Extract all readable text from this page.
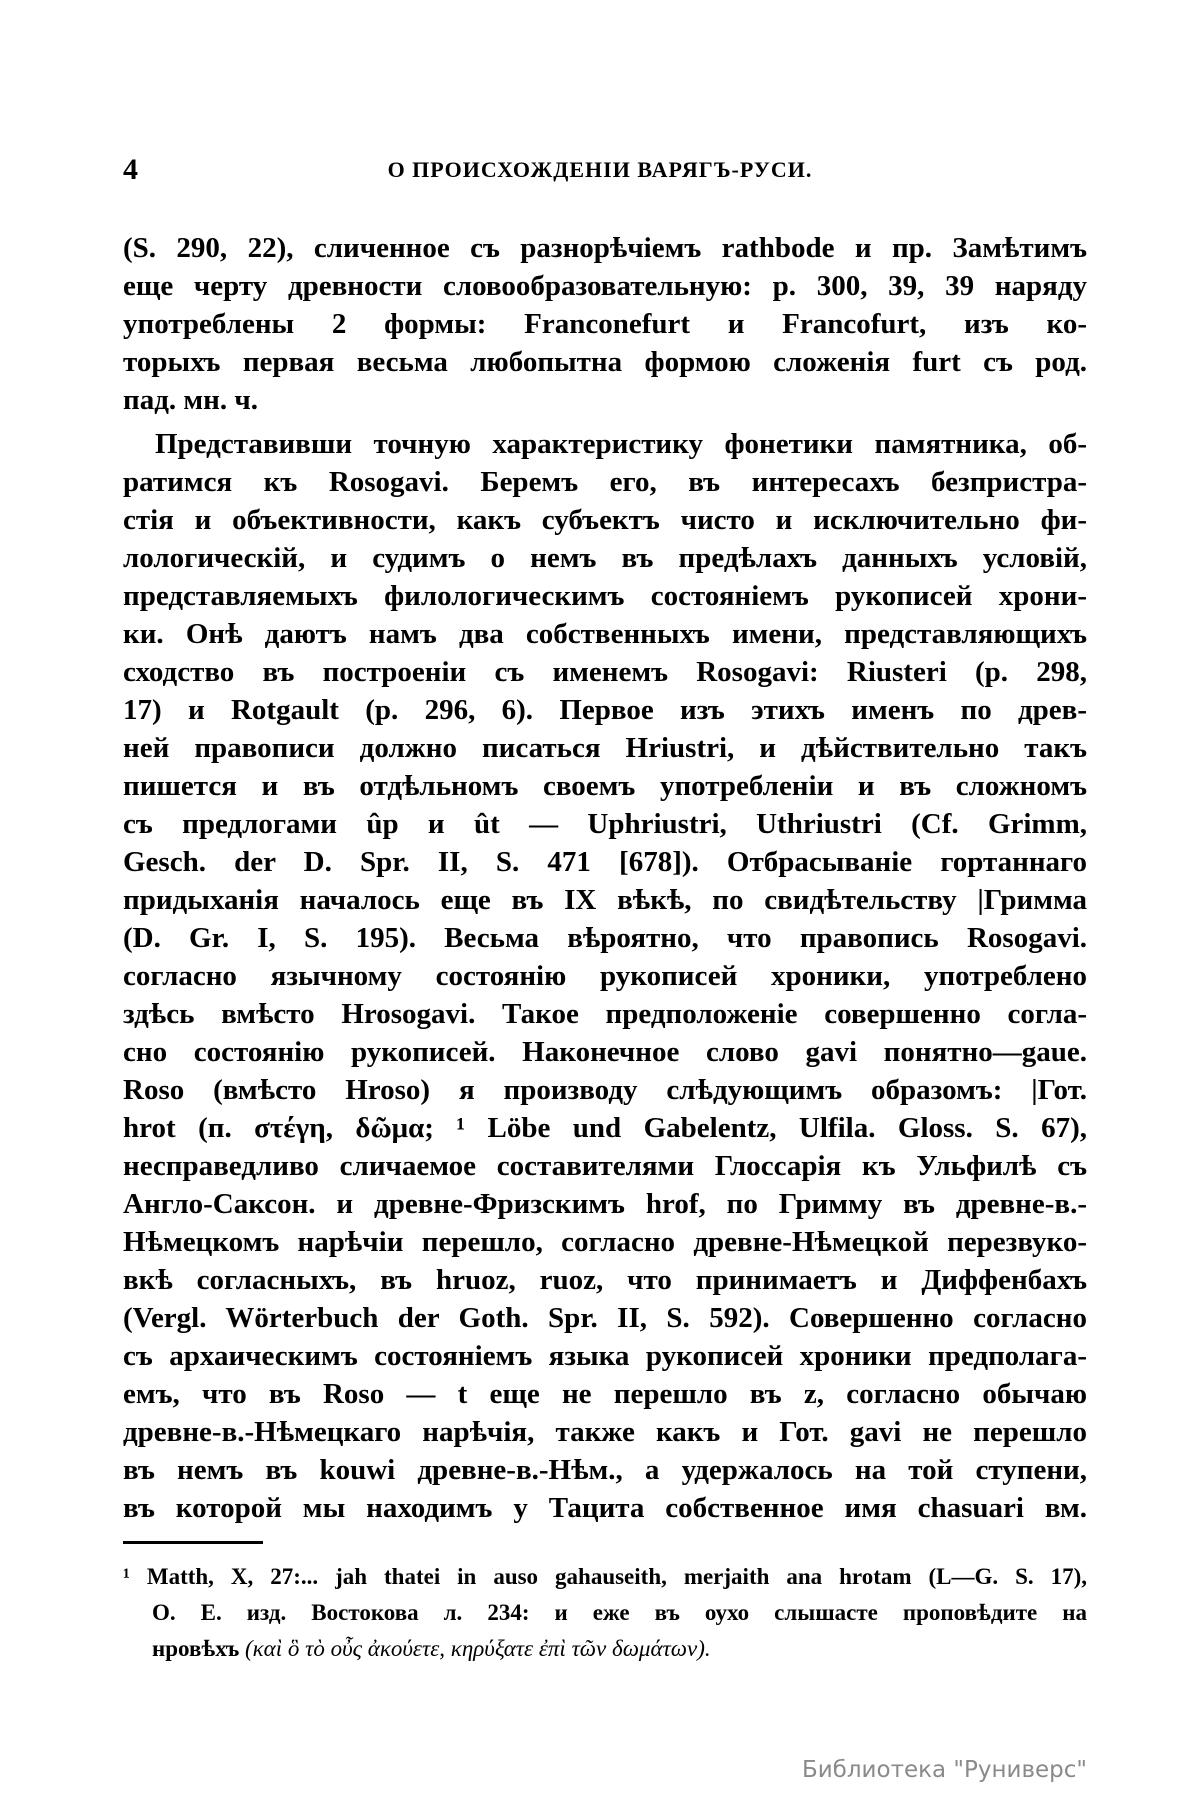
4	О ПРОИСХОЖДЕНІИ ВАРЯГЪ-РУСИ.
(S. 290, 22), сличенное съ разнорѣчіемъ rathbode и пр. Замѣтимъ
еще черту древности словообразовательную: р. 300, 39, 39 наряду
употреблены 2 формы: Franconefurt и Francofurt, изъ ко-
торыхъ первая весьма любопытна формою сложенія furt съ род.
пад. мн. ч.
Представивши точную характеристику фонетики памятника, об-
ратимся къ Rosogavi. Беремъ его, въ интересахъ безпристра-
стія и объективности, какъ субъектъ чисто и исключительно фи-
лологическій, и судимъ о немъ въ предѣлахъ данныхъ условій,
представляемыхъ филологическимъ состояніемъ рукописей хрони-
ки. Онѣ даютъ намъ два собственныхъ имени, представляющихъ
сходство въ построеніи съ именемъ Rosogavi: Riusteri (р. 298,
17) и Rotgault (р. 296, 6). Первое изъ этихъ именъ по древ-
ней правописи должно писаться Hriustri, и дѣйствительно такъ
пишется и въ отдѣльномъ своемъ употребленіи и въ сложномъ
съ предлогами ûp и ût — Uphriustri, Uthriustri (Cf. Grimm,
Gesch. der D. Spr. II, S. 471 [678]). Отбрасываніе гортаннаго
придыханія началось еще въ IX вѣкѣ, по свидѣтельству |Гримма
(D. Gr. I, S. 195). Весьма вѣроятно, что правопись Rosogavi.
согласно язычному состоянію рукописей хроники, употреблено
здѣсь вмѣсто Hrosogavi. Такое предположеніе совершенно согла-
сно состоянію рукописей. Наконечное слово gavi понятно—gaue.
Roso (вмѣсто Hroso) я производу слѣдующимъ образомъ: |Гот.
hrot (п. στέγη, δῶμα; ¹ Löbe und Gabelentz, Ulfila. Gloss. S. 67),
несправедливо сличаемое составителями Глоссарія къ Ульфилѣ съ
Англо-Саксон. и древне-Фризскимъ hrof, по Гримму въ древне-в.-
Нѣмецкомъ нарѣчіи перешло, согласно древне-Нѣмецкой перезвуко-
вкѣ согласныхъ, въ hruoz, ruoz, что принимаетъ и Диффенбахъ
(Vergl. Wörterbuch der Goth. Spr. II, S. 592). Совершенно согласно
съ архаическимъ состояніемъ языка рукописей хроники предполага-
емъ, что въ Roso — t еще не перешло въ z, согласно обычаю
древне-в.-Нѣмецкаго нарѣчія, также какъ и Гот. gavi не перешло
въ немъ въ kouwi древне-в.-Нѣм., а удержалось на той ступени,
въ которой мы находимъ у Тацита собственное имя chasuari вм.
¹ Matth, X, 27:... jah thatei in auso gahauseith, merjaith ana hrotam (L—G. S. 17),
О. Е. изд. Востокова л. 234: и еже въ оухо слышасте проповѣдите на
нровѣхъ (καὶ ὃ τὸ οὖς ἀκούετε, κηρύξατε ἐπὶ τῶν δωμάτων).
Библиотека "Руниверс"
